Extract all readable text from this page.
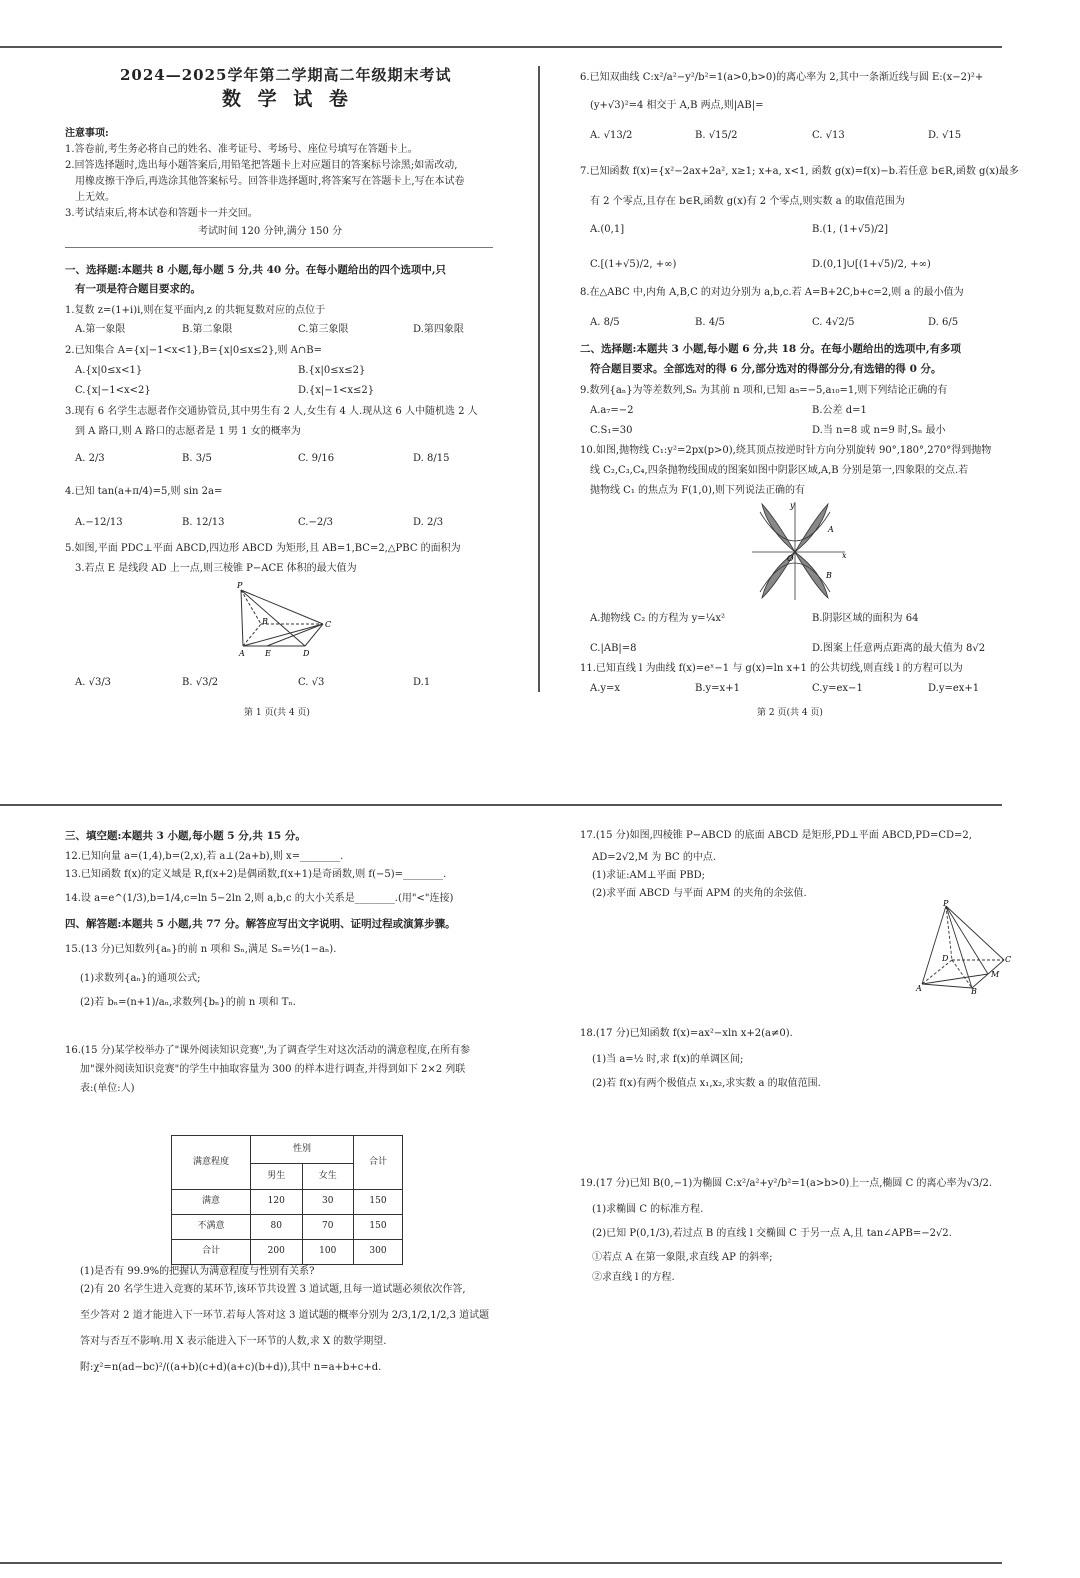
2024—2025学年第二学期高二年级期末考试
数 学 试 卷
注意事项:
1.答卷前,考生务必将自己的姓名、准考证号、考场号、座位号填写在答题卡上。
2.回答选择题时,选出每小题答案后,用铅笔把答题卡上对应题目的答案标号涂黑;如需改动,
用橡皮擦干净后,再选涂其他答案标号。回答非选择题时,将答案写在答题卡上,写在本试卷
上无效。
3.考试结束后,将本试卷和答题卡一并交回。
考试时间 120 分钟,满分 150 分
一、选择题:本题共 8 小题,每小题 5 分,共 40 分。在每小题给出的四个选项中,只
有一项是符合题目要求的。
1.复数 z=(1+i)i,则在复平面内,z 的共轭复数对应的点位于
A.第一象限	B.第二象限	C.第三象限	D.第四象限
2.已知集合 A={x|−1<x<1},B={x|0≤x≤2},则 A∩B=
A.{x|0≤x<1}	B.{x|0≤x≤2}
C.{x|−1<x<2}	D.{x|−1<x≤2}
3.现有 6 名学生志愿者作交通协管员,其中男生有 2 人,女生有 4 人.现从这 6 人中随机选 2 人
到 A 路口,则 A 路口的志愿者是 1 男 1 女的概率为
A. 2/3	B. 3/5	C. 9/16	D. 8/15
4.已知 tan(a+π/4)=5,则 sin 2a=
A.−12/13	B. 12/13	C.−2/3	D. 2/3
5.如图,平面 PDC⊥平面 ABCD,四边形 ABCD 为矩形,且 AB=1,BC=2,△PBC 的面积为
3.若点 E 是线段 AD 上一点,则三棱锥 P−ACE 体积的最大值为
P
B	C
A	E	D
A. √3/3	B. √3/2	C. √3	D.1
第 1 页(共 4 页)
6.已知双曲线 C:x²/a²−y²/b²=1(a>0,b>0)的离心率为 2,其中一条渐近线与圆 E:(x−2)²+
(y+√3)²=4 相交于 A,B 两点,则|AB|=
A. √13/2	B. √15/2	C. √13	D. √15
7.已知函数 f(x)={x²−2ax+2a², x≥1; x+a, x<1, 函数 g(x)=f(x)−b.若任意 b∈R,函数 g(x)最多
有 2 个零点,且存在 b∈R,函数 g(x)有 2 个零点,则实数 a 的取值范围为
A.(0,1]	B.(1, (1+√5)/2]
C.[(1+√5)/2, +∞)	D.(0,1]∪[(1+√5)/2, +∞)
8.在△ABC 中,内角 A,B,C 的对边分别为 a,b,c.若 A=B+2C,b+c=2,则 a 的最小值为
A. 8/5	B. 4/5	C. 4√2/5	D. 6/5
二、选择题:本题共 3 小题,每小题 6 分,共 18 分。在每小题给出的选项中,有多项
符合题目要求。全部选对的得 6 分,部分选对的得部分分,有选错的得 0 分。
9.数列{aₙ}为等差数列,Sₙ 为其前 n 项和,已知 a₅=−5,a₁₀=1,则下列结论正确的有
A.a₇=−2	B.公差 d=1
C.S₁=30	D.当 n=8 或 n=9 时,Sₙ 最小
10.如图,抛物线 C₁:y²=2px(p>0),绕其顶点按逆时针方向分别旋转 90°,180°,270°得到抛物
线 C₂,C₃,C₄,四条抛物线围成的图案如图中阴影区域,A,B 分别是第一,四象限的交点.若
抛物线 C₁ 的焦点为 F(1,0),则下列说法正确的有
y
A
O	x
B
A.抛物线 C₂ 的方程为 y=¼x²	B.阴影区域的面积为 64
C.|AB|=8	D.图案上任意两点距离的最大值为 8√2
11.已知直线 l 为曲线 f(x)=eˣ−1 与 g(x)=ln x+1 的公共切线,则直线 l 的方程可以为
A.y=x	B.y=x+1	C.y=ex−1	D.y=ex+1
第 2 页(共 4 页)
三、填空题:本题共 3 小题,每小题 5 分,共 15 分。
12.已知向量 a=(1,4),b=(2,x),若 a⊥(2a+b),则 x=________.
13.已知函数 f(x)的定义域是 R,f(x+2)是偶函数,f(x+1)是奇函数,则 f(−5)=________.
14.设 a=e^(1/3),b=1/4,c=ln 5−2ln 2,则 a,b,c 的大小关系是________.(用"<"连接)
四、解答题:本题共 5 小题,共 77 分。解答应写出文字说明、证明过程或演算步骤。
15.(13 分)已知数列{aₙ}的前 n 项和 Sₙ,满足 Sₙ=½(1−aₙ).
(1)求数列{aₙ}的通项公式;
(2)若 bₙ=(n+1)/aₙ,求数列{bₙ}的前 n 项和 Tₙ.
16.(15 分)某学校举办了"课外阅读知识竞赛",为了调查学生对这次活动的满意程度,在所有参
加"课外阅读知识竞赛"的学生中抽取容量为 300 的样本进行调查,并得到如下 2×2 列联
表:(单位:人)
满意程度	性别		合计
	男生	女生	
满意	120	30	150
不满意	80	70	150
合计	200	100	300
(1)是否有 99.9%的把握认为满意程度与性别有关系?
(2)有 20 名学生进入竞赛的某环节,该环节共设置 3 道试题,且每一道试题必须依次作答,
至少答对 2 道才能进入下一环节.若每人答对这 3 道试题的概率分别为 2/3,1/2,1/2,3 道试题
答对与否互不影响.用 X 表示能进入下一环节的人数,求 X 的数学期望.
附:χ²=n(ad−bc)²/((a+b)(c+d)(a+c)(b+d)),其中 n=a+b+c+d.
17.(15 分)如图,四棱锥 P−ABCD 的底面 ABCD 是矩形,PD⊥平面 ABCD,PD=CD=2,
AD=2√2,M 为 BC 的中点.
(1)求证:AM⊥平面 PBD;
(2)求平面 ABCD 与平面 APM 的夹角的余弦值.
P
D	C
M
A	B
18.(17 分)已知函数 f(x)=ax²−xln x+2(a≠0).
(1)当 a=½ 时,求 f(x)的单调区间;
(2)若 f(x)有两个极值点 x₁,x₂,求实数 a 的取值范围.
19.(17 分)已知 B(0,−1)为椭圆 C:x²/a²+y²/b²=1(a>b>0)上一点,椭圆 C 的离心率为√3/2.
(1)求椭圆 C 的标准方程.
(2)已知 P(0,1/3),若过点 B 的直线 l 交椭圆 C 于另一点 A,且 tan∠APB=−2√2.
①若点 A 在第一象限,求直线 AP 的斜率;
②求直线 l 的方程.
